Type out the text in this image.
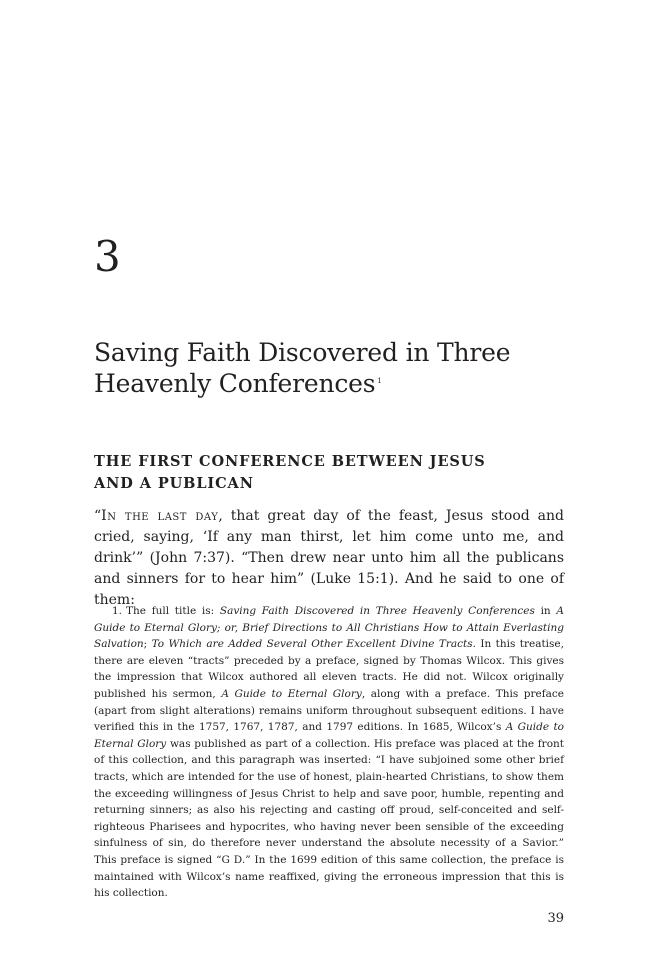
3
Saving Faith Discovered in Three Heavenly Conferences $^1$
THE FIRST CONFERENCE BETWEEN JESUS
AND A PUBLICAN

“In the last day, that great day of the feast, Jesus stood and cried, saying, ‘If any man thirst, let him come unto me, and drink’” (John 7:37). “Then drew near unto him all the publicans and sinners for to hear him” (Luke 15:1). And he said to one of them:

1. The full title is: Saving Faith Discovered in Three Heavenly Conferences in A Guide to Eternal Glory; or, Brief Directions to All Christians How to Attain Everlasting Salvation; To Which are Added Several Other Excellent Divine Tracts. In this treatise, there are eleven “tracts” preceded by a preface, signed by Thomas Wilcox. This gives the impression that Wilcox authored all eleven tracts. He did not. Wilcox originally published his sermon, A Guide to Eternal Glory, along with a preface. This preface (apart from slight alterations) remains uniform throughout subsequent editions. I have verified this in the 1757, 1767, 1787, and 1797 editions. In 1685, Wilcox’s A Guide to Eternal Glory was published as part of a collection. His preface was placed at the front of this collection, and this paragraph was inserted: “I have subjoined some other brief tracts, which are intended for the use of honest, plain-hearted Christians, to show them the exceeding willingness of Jesus Christ to help and save poor, humble, repenting and returning sinners; as also his rejecting and casting off proud, self-conceited and self-righteous Pharisees and hypocrites, who having never been sensible of the exceeding sinfulness of sin, do therefore never understand the absolute necessity of a Savior.” This preface is signed “G D.” In the 1699 edition of this same collection, the preface is maintained with Wilcox’s name reaffixed, giving the erroneous impression that this is his collection.

39
